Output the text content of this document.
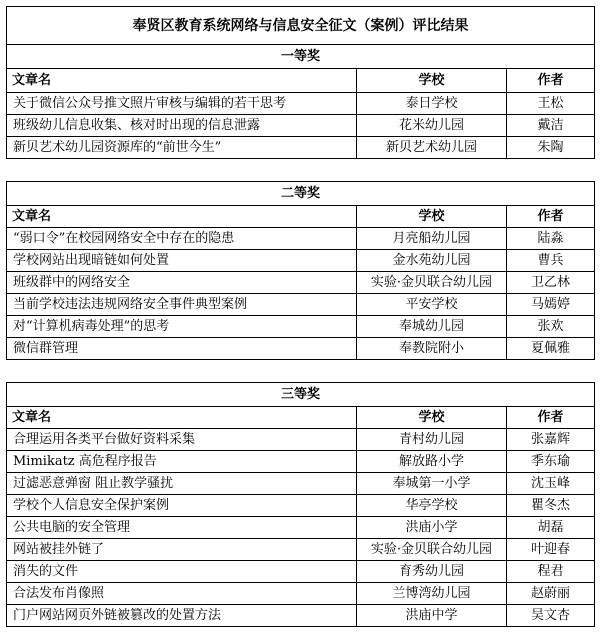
奉贤区教育系统网络与信息安全征文（案例）评比结果		
一等奖		
文章名	学校	作者
关于微信公众号推文照片审核与编辑的若干思考	泰日学校	王松
班级幼儿信息收集、核对时出现的信息泄露	花米幼儿园	戴洁
新贝艺术幼儿园资源库的“前世今生”	新贝艺术幼儿园	朱陶
二等奖		
文章名	学校	作者
“弱口令”在校园网络安全中存在的隐患	月亮船幼儿园	陆淼
学校网站出现暗链如何处置	金水苑幼儿园	曹兵
班级群中的网络安全	实验·金贝联合幼儿园	卫乙林
当前学校违法违规网络安全事件典型案例	平安学校	马嫣婷
对“计算机病毒处理”的思考	奉城幼儿园	张欢
微信群管理	奉教院附小	夏佩雅
三等奖		
文章名	学校	作者
合理运用各类平台做好资料采集	青村幼儿园	张嘉辉
Mimikatz 高危程序报告	解放路小学	季东瑜
过滤恶意弹窗 阻止教学骚扰	奉城第一小学	沈玉峰
学校个人信息安全保护案例	华亭学校	瞿冬杰
公共电脑的安全管理	洪庙小学	胡磊
网站被挂外链了	实验·金贝联合幼儿园	叶迎春
消失的文件	育秀幼儿园	程君
合法发布肖像照	兰博湾幼儿园	赵蔚丽
门户网站网页外链被篡改的处置方法	洪庙中学	吴文杏
